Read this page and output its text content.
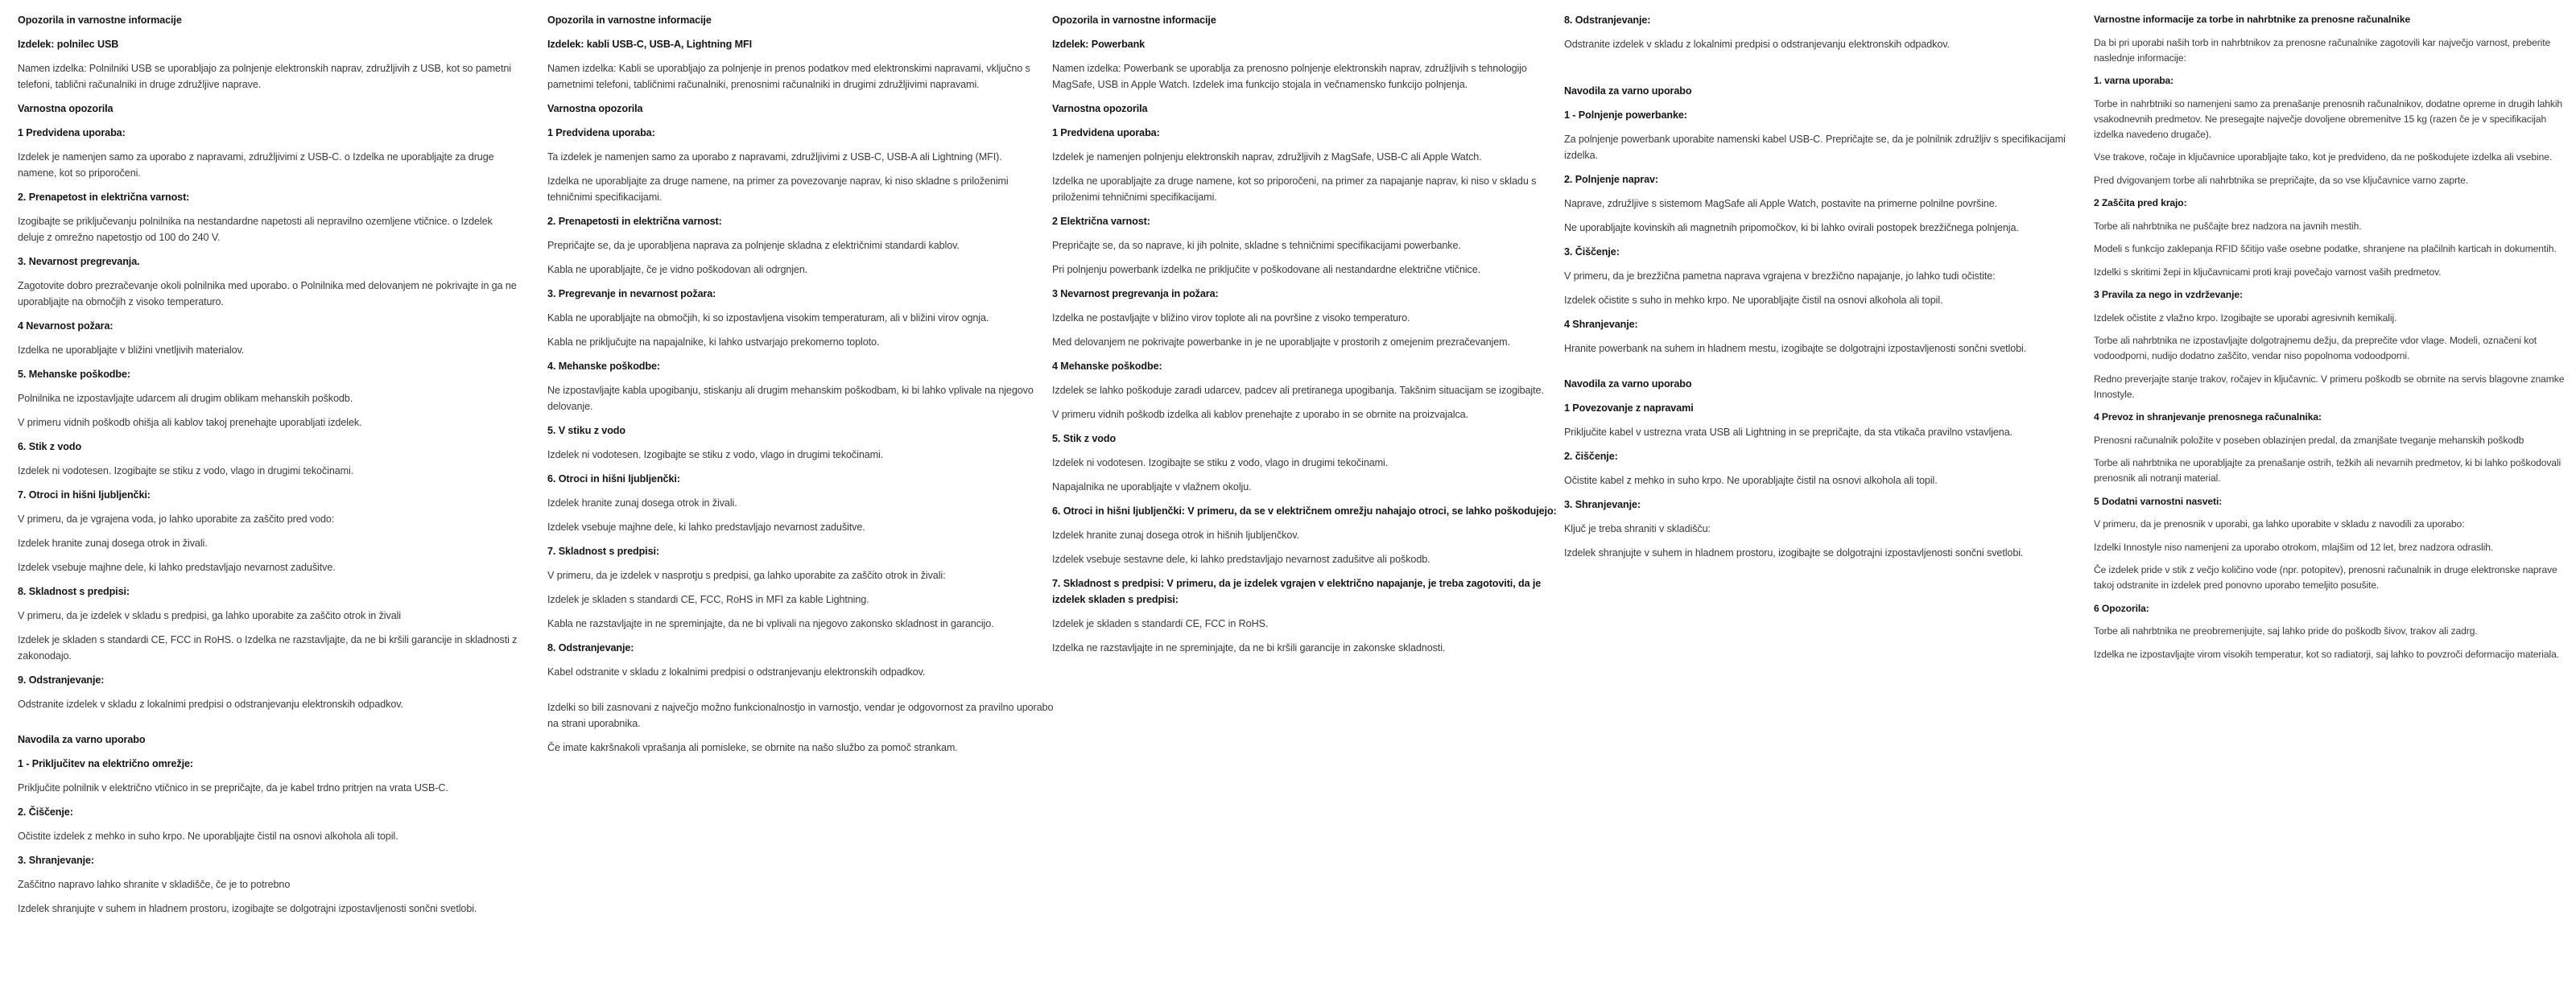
Opozorila in varnostne informacije

Izdelek: polnilec USB

Namen izdelka: Polnilniki USB se uporabljajo za polnjenje elektronskih naprav, združljivih z USB, kot so pametni telefoni, tablični računalniki in druge združljive naprave.

Varnostna opozorila

1 Predvidena uporaba:

Izdelek je namenjen samo za uporabo z napravami, združljivimi z USB-C. o Izdelka ne uporabljajte za druge namene, kot so priporočeni.

2. Prenapetost in električna varnost:

Izogibajte se priključevanju polnilnika na nestandardne napetosti ali nepravilno ozemljene vtičnice. o Izdelek deluje z omrežno napetostjo od 100 do 240 V.

3. Nevarnost pregrevanja.

Zagotovite dobro prezračevanje okoli polnilnika med uporabo. o Polnilnika med delovanjem ne pokrivajte in ga ne uporabljajte na območjih z visoko temperaturo.

4 Nevarnost požara:

Izdelka ne uporabljajte v bližini vnetljivih materialov.

5. Mehanske poškodbe:

Polnilnika ne izpostavljajte udarcem ali drugim oblikam mehanskih poškodb.

V primeru vidnih poškodb ohišja ali kablov takoj prenehajte uporabljati izdelek.

6. Stik z vodo

Izdelek ni vodotesen. Izogibajte se stiku z vodo, vlago in drugimi tekočinami.

7. Otroci in hišni ljubljenčki:

V primeru, da je vgrajena voda, jo lahko uporabite za zaščito pred vodo:

Izdelek hranite zunaj dosega otrok in živali.

Izdelek vsebuje majhne dele, ki lahko predstavljajo nevarnost zadušitve.

8. Skladnost s predpisi:

V primeru, da je izdelek v skladu s predpisi, ga lahko uporabite za zaščito otrok in živali

Izdelek je skladen s standardi CE, FCC in RoHS. o Izdelka ne razstavljajte, da ne bi kršili garancije in skladnosti z zakonodajo.

9. Odstranjevanje:

Odstranite izdelek v skladu z lokalnimi predpisi o odstranjevanju elektronskih odpadkov.

Navodila za varno uporabo

1 - Priključitev na električno omrežje:

Priključite polnilnik v električno vtičnico in se prepričajte, da je kabel trdno pritrjen na vrata USB-C.

2. Čiščenje:

Očistite izdelek z mehko in suho krpo. Ne uporabljajte čistil na osnovi alkohola ali topil.

3. Shranjevanje:

Zaščitno napravo lahko shranite v skladišče, če je to potrebno

Izdelek shranjujte v suhem in hladnem prostoru, izogibajte se dolgotrajni izpostavljenosti sončni svetlobi.

Opozorila in varnostne informacije

Izdelek: kabli USB-C, USB-A, Lightning MFI

Namen izdelka: Kabli se uporabljajo za polnjenje in prenos podatkov med elektronskimi napravami, vključno s pametnimi telefoni, tabličnimi računalniki, prenosnimi računalniki in drugimi združljivimi napravami.

Varnostna opozorila

1 Predvidena uporaba:

Ta izdelek je namenjen samo za uporabo z napravami, združljivimi z USB-C, USB-A ali Lightning (MFI).

Izdelka ne uporabljajte za druge namene, na primer za povezovanje naprav, ki niso skladne s priloženimi tehničnimi specifikacijami.

2. Prenapetosti in električna varnost:

Prepričajte se, da je uporabljena naprava za polnjenje skladna z električnimi standardi kablov.

Kabla ne uporabljajte, če je vidno poškodovan ali odrgnjen.

3. Pregrevanje in nevarnost požara:

Kabla ne uporabljajte na območjih, ki so izpostavljena visokim temperaturam, ali v bližini virov ognja.

Kabla ne priključujte na napajalnike, ki lahko ustvarjajo prekomerno toploto.

4. Mehanske poškodbe:

Ne izpostavljajte kabla upogibanju, stiskanju ali drugim mehanskim poškodbam, ki bi lahko vplivale na njegovo delovanje.

5. V stiku z vodo

Izdelek ni vodotesen. Izogibajte se stiku z vodo, vlago in drugimi tekočinami.

6. Otroci in hišni ljubljenčki:

Izdelek hranite zunaj dosega otrok in živali.

Izdelek vsebuje majhne dele, ki lahko predstavljajo nevarnost zadušitve.

7. Skladnost s predpisi:

V primeru, da je izdelek v nasprotju s predpisi, ga lahko uporabite za zaščito otrok in živali:

Izdelek je skladen s standardi CE, FCC, RoHS in MFI za kable Lightning.

Kabla ne razstavljajte in ne spreminjajte, da ne bi vplivali na njegovo zakonsko skladnost in garancijo.

8. Odstranjevanje:

Kabel odstranite v skladu z lokalnimi predpisi o odstranjevanju elektronskih odpadkov.

Izdelki so bili zasnovani z največjo možno funkcionalnostjo in varnostjo, vendar je odgovornost za pravilno uporabo na strani uporabnika.

Če imate kakršnakoli vprašanja ali pomisleke, se obrnite na našo službo za pomoč strankam.

Opozorila in varnostne informacije

Izdelek: Powerbank

Namen izdelka: Powerbank se uporablja za prenosno polnjenje elektronskih naprav, združljivih s tehnologijo MagSafe, USB in Apple Watch. Izdelek ima funkcijo stojala in večnamensko funkcijo polnjenja.

Varnostna opozorila

1 Predvidena uporaba:

Izdelek je namenjen polnjenju elektronskih naprav, združljivih z MagSafe, USB-C ali Apple Watch.

Izdelka ne uporabljajte za druge namene, kot so priporočeni, na primer za napajanje naprav, ki niso v skladu s priloženimi tehničnimi specifikacijami.

2 Električna varnost:

Prepričajte se, da so naprave, ki jih polnite, skladne s tehničnimi specifikacijami powerbanke.

Pri polnjenju powerbank izdelka ne priključite v poškodovane ali nestandardne električne vtičnice.

3 Nevarnost pregrevanja in požara:

Izdelka ne postavljajte v bližino virov toplote ali na površine z visoko temperaturo.

Med delovanjem ne pokrivajte powerbanke in je ne uporabljajte v prostorih z omejenim prezračevanjem.

4 Mehanske poškodbe:

Izdelek se lahko poškoduje zaradi udarcev, padcev ali pretiranega upogibanja. Takšnim situacijam se izogibajte.

V primeru vidnih poškodb izdelka ali kablov prenehajte z uporabo in se obrnite na proizvajalca.

5. Stik z vodo

Izdelek ni vodotesen. Izogibajte se stiku z vodo, vlago in drugimi tekočinami.

Napajalnika ne uporabljajte v vlažnem okolju.

6. Otroci in hišni ljubljenčki: V primeru, da se v električnem omrežju nahajajo otroci, se lahko poškodujejo:

Izdelek hranite zunaj dosega otrok in hišnih ljubljenčkov.

Izdelek vsebuje sestavne dele, ki lahko predstavljajo nevarnost zadušitve ali poškodb.

7. Skladnost s predpisi: V primeru, da je izdelek vgrajen v električno napajanje, je treba zagotoviti, da je izdelek skladen s predpisi:

Izdelek je skladen s standardi CE, FCC in RoHS.

Izdelka ne razstavljajte in ne spreminjajte, da ne bi kršili garancije in zakonske skladnosti.

8. Odstranjevanje:

Odstranite izdelek v skladu z lokalnimi predpisi o odstranjevanju elektronskih odpadkov.

Navodila za varno uporabo

1 - Polnjenje powerbanke:

Za polnjenje powerbank uporabite namenski kabel USB-C. Prepričajte se, da je polnilnik združljiv s specifikacijami izdelka.

2. Polnjenje naprav:

Naprave, združljive s sistemom MagSafe ali Apple Watch, postavite na primerne polnilne površine.

Ne uporabljajte kovinskih ali magnetnih pripomočkov, ki bi lahko ovirali postopek brezžičnega polnjenja.

3. Čiščenje:

V primeru, da je brezžična pametna naprava vgrajena v brezžično napajanje, jo lahko tudi očistite:

Izdelek očistite s suho in mehko krpo. Ne uporabljajte čistil na osnovi alkohola ali topil.

4 Shranjevanje:

Hranite powerbank na suhem in hladnem mestu, izogibajte se dolgotrajni izpostavljenosti sončni svetlobi.

Navodila za varno uporabo

1 Povezovanje z napravami

Priključite kabel v ustrezna vrata USB ali Lightning in se prepričajte, da sta vtikača pravilno vstavljena.

2. čiščenje:

Očistite kabel z mehko in suho krpo. Ne uporabljajte čistil na osnovi alkohola ali topil.

3. Shranjevanje:

Ključ je treba shraniti v skladišču:

Izdelek shranjujte v suhem in hladnem prostoru, izogibajte se dolgotrajni izpostavljenosti sončni svetlobi.

Varnostne informacije za torbe in nahrbtnike za prenosne računalnike

Da bi pri uporabi naših torb in nahrbtnikov za prenosne računalnike zagotovili kar največjo varnost, preberite naslednje informacije:

1. varna uporaba:

Torbe in nahrbtniki so namenjeni samo za prenašanje prenosnih računalnikov, dodatne opreme in drugih lahkih vsakodnevnih predmetov. Ne presegajte največje dovoljene obremenitve 15 kg (razen če je v specifikacijah izdelka navedeno drugače).

Vse trakove, ročaje in ključavnice uporabljajte tako, kot je predvideno, da ne poškodujete izdelka ali vsebine.

Pred dvigovanjem torbe ali nahrbtnika se prepričajte, da so vse ključavnice varno zaprte.

2 Zaščita pred krajo:

Torbe ali nahrbtnika ne puščajte brez nadzora na javnih mestih.

Modeli s funkcijo zaklepanja RFID ščitijo vaše osebne podatke, shranjene na plačilnih karticah in dokumentih.

Izdelki s skritimi žepi in ključavnicami proti kraji povečajo varnost vaših predmetov.

3 Pravila za nego in vzdrževanje:

Izdelek očistite z vlažno krpo. Izogibajte se uporabi agresivnih kemikalij.

Torbe ali nahrbtnika ne izpostavljajte dolgotrajnemu dežju, da preprečite vdor vlage. Modeli, označeni kot vodoodporni, nudijo dodatno zaščito, vendar niso popolnoma vodoodporni.

Redno preverjajte stanje trakov, ročajev in ključavnic. V primeru poškodb se obrnite na servis blagovne znamke Innostyle.

4 Prevoz in shranjevanje prenosnega računalnika:

Prenosni računalnik položite v poseben oblazinjen predal, da zmanjšate tveganje mehanskih poškodb

Torbe ali nahrbtnika ne uporabljajte za prenašanje ostrih, težkih ali nevarnih predmetov, ki bi lahko poškodovali prenosnik ali notranji material.

5 Dodatni varnostni nasveti:

V primeru, da je prenosnik v uporabi, ga lahko uporabite v skladu z navodili za uporabo:

Izdelki Innostyle niso namenjeni za uporabo otrokom, mlajšim od 12 let, brez nadzora odraslih.

Če izdelek pride v stik z večjo količino vode (npr. potopitev), prenosni računalnik in druge elektronske naprave takoj odstranite in izdelek pred ponovno uporabo temeljito posušite.

6 Opozorila:

Torbe ali nahrbtnika ne preobremenjujte, saj lahko pride do poškodb šivov, trakov ali zadrg.

Izdelka ne izpostavljajte virom visokih temperatur, kot so radiatorji, saj lahko to povzroči deformacijo materiala.
